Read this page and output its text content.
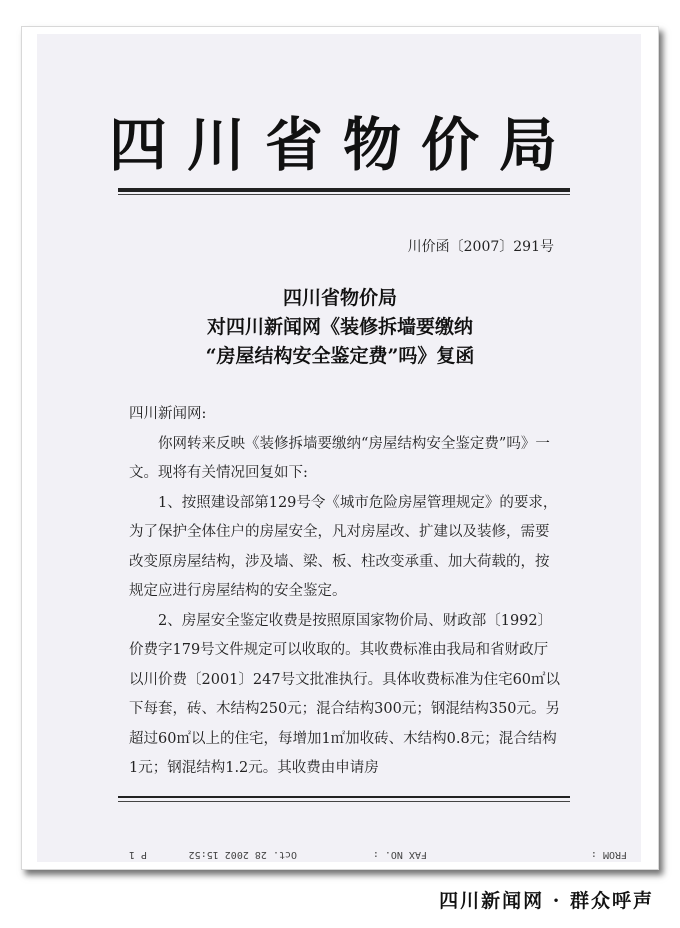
四川省物价局
川价函〔2007〕291号
四川省物价局
对四川新闻网《装修拆墙要缴纳
“房屋结构安全鉴定费”吗》复函

四川新闻网:

你网转来反映《装修拆墙要缴纳“房屋结构安全鉴定费”吗》一文。现将有关情况回复如下:

1、按照建设部第129号令《城市危险房屋管理规定》的要求，为了保护全体住户的房屋安全，凡对房屋改、扩建以及装修，需要改变原房屋结构，涉及墙、梁、板、柱改变承重、加大荷载的，按规定应进行房屋结构的安全鉴定。

2、房屋安全鉴定收费是按照原国家物价局、财政部〔1992〕价费字179号文件规定可以收取的。其收费标准由我局和省财政厅以川价费〔2001〕247号文批准执行。具体收费标准为住宅60㎡以下每套，砖、木结构250元；混合结构300元；钢混结构350元。另超过60㎡以上的住宅，每增加1㎡加收砖、木结构0.8元；混合结构1元；钢混结构1.2元。其收费由申请房

FROM :
FAX NO. :
Oct. 28 2002 15:52
P 1
四川新闻网 · 群众呼声
